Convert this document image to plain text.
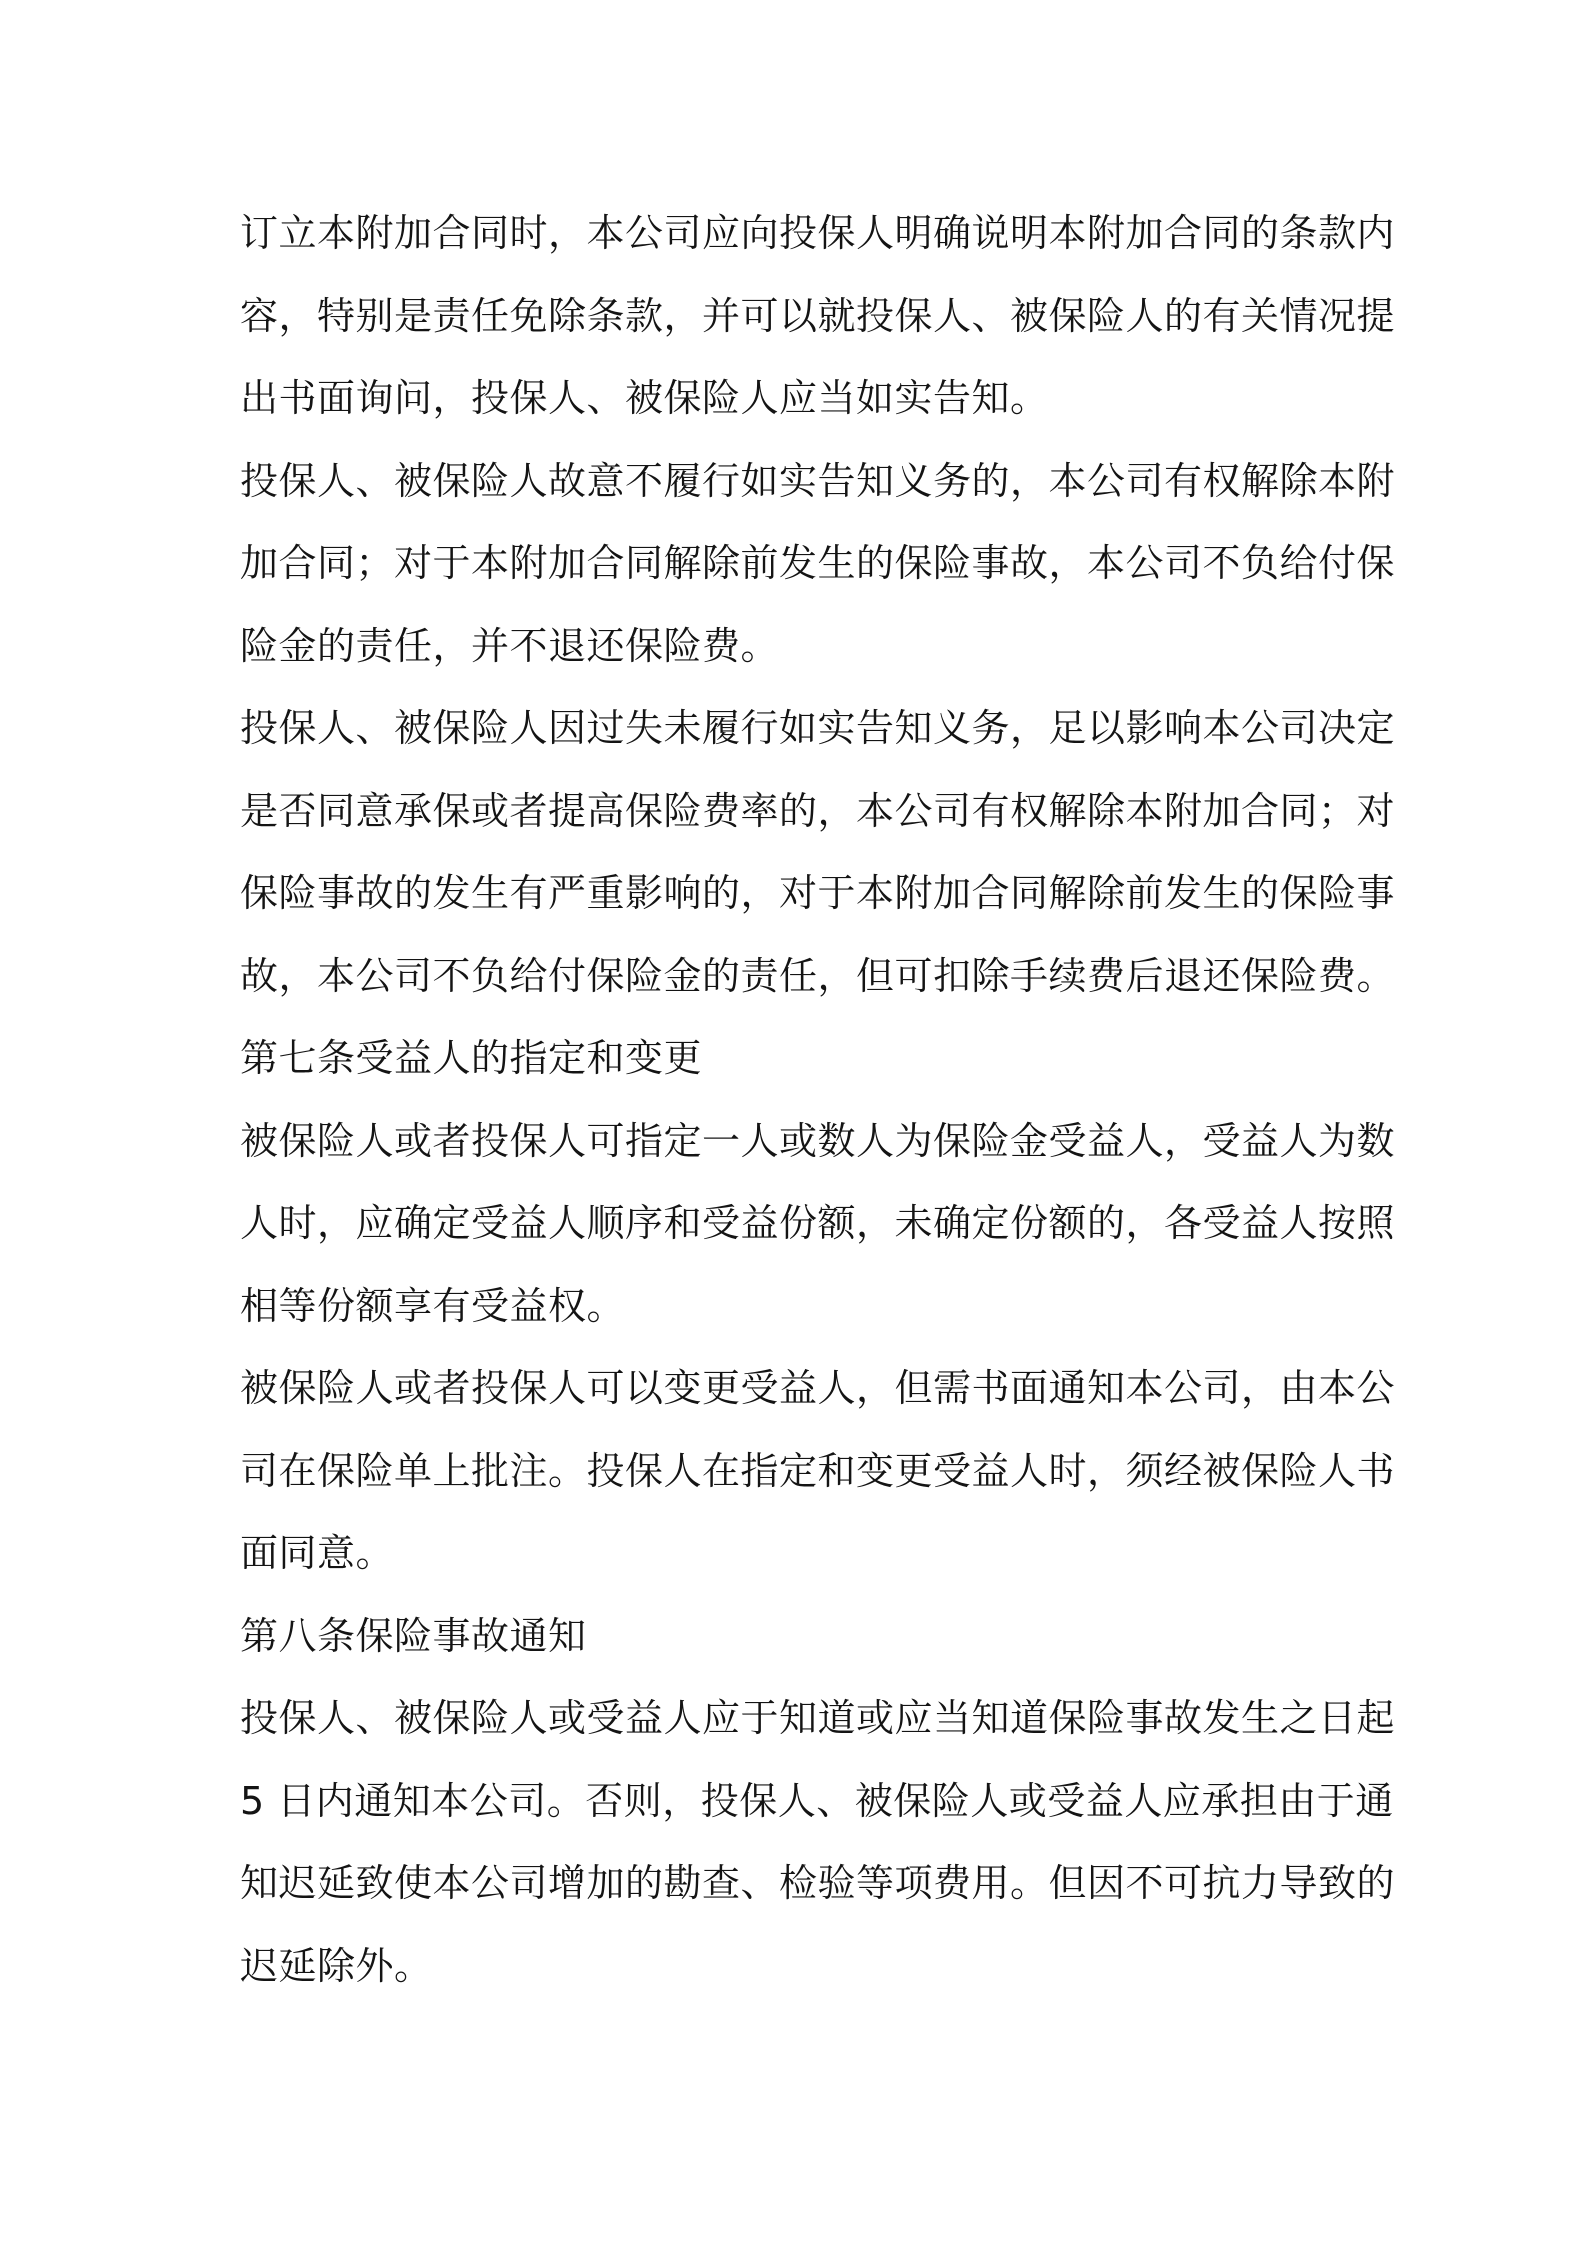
订立本附加合同时，本公司应向投保人明确说明本附加合同的条款内
容，特别是责任免除条款，并可以就投保人、被保险人的有关情况提
出书面询问，投保人、被保险人应当如实告知。
投保人、被保险人故意不履行如实告知义务的，本公司有权解除本附
加合同；对于本附加合同解除前发生的保险事故，本公司不负给付保
险金的责任，并不退还保险费。
投保人、被保险人因过失未履行如实告知义务，足以影响本公司决定
是否同意承保或者提高保险费率的，本公司有权解除本附加合同；对
保险事故的发生有严重影响的，对于本附加合同解除前发生的保险事
故，本公司不负给付保险金的责任，但可扣除手续费后退还保险费。
第七条受益人的指定和变更
被保险人或者投保人可指定一人或数人为保险金受益人，受益人为数
人时，应确定受益人顺序和受益份额，未确定份额的，各受益人按照
相等份额享有受益权。
被保险人或者投保人可以变更受益人，但需书面通知本公司，由本公
司在保险单上批注。投保人在指定和变更受益人时，须经被保险人书
面同意。
第八条保险事故通知
投保人、被保险人或受益人应于知道或应当知道保险事故发生之日起
5 日内通知本公司。否则，投保人、被保险人或受益人应承担由于通
知迟延致使本公司增加的勘查、检验等项费用。但因不可抗力导致的
迟延除外。
